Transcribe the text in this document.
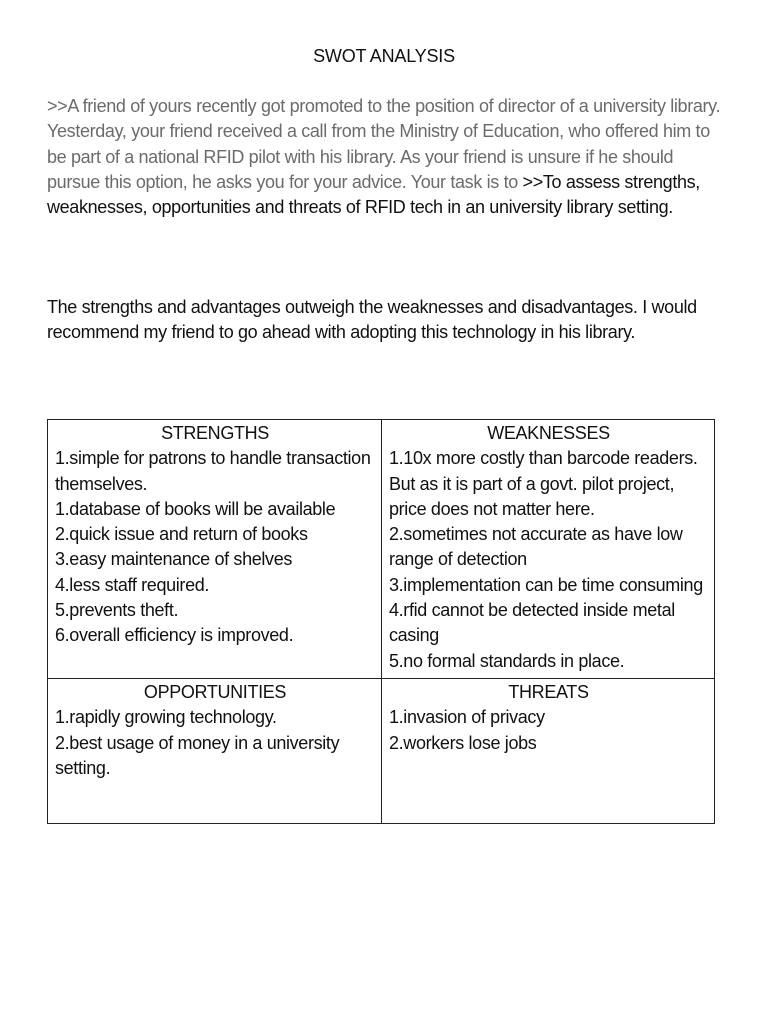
SWOT ANALYSIS

>>A friend of yours recently got promoted to the position of director of a university library. Yesterday, your friend received a call from the Ministry of Education, who offered him to be part of a national RFID pilot with his library. As your friend is unsure if he should pursue this option, he asks you for your advice. Your task is to >>To assess strengths, weaknesses, opportunities and threats of RFID tech in an university library setting.

The strengths and advantages outweigh the weaknesses and disadvantages. I would recommend my friend to go ahead with adopting this technology in his library.

STRENGTHS
1.simple for patrons to handle transaction themselves.
1.database of books will be available
2.quick issue and return of books
3.easy maintenance of shelves
4.less staff required.
5.prevents theft.
6.overall efficiency is improved.
WEAKNESSES
1.10x more costly than barcode readers. But as it is part of a govt. pilot project, price does not matter here.
2.sometimes not accurate as have low range of detection
3.implementation can be time consuming
4.rfid cannot be detected inside metal casing
5.no formal standards in place.
OPPORTUNITIES
1.rapidly growing technology.
2.best usage of money in a university setting.
THREATS
1.invasion of privacy
2.workers lose jobs
